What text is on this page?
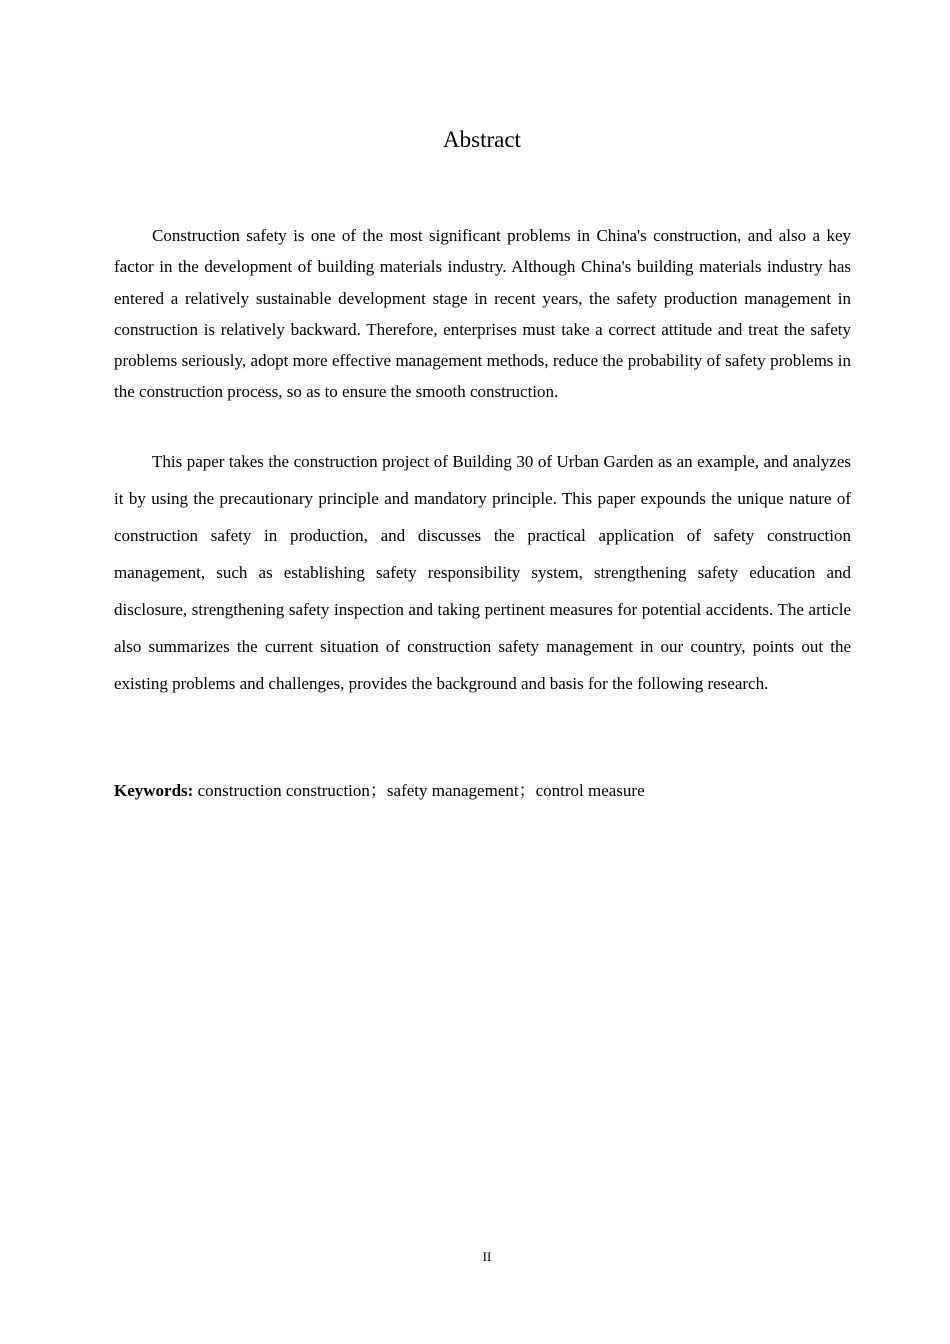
Abstract

Construction safety is one of the most significant problems in China's construction, and also a key factor in the development of building materials industry. Although China's building materials industry has entered a relatively sustainable development stage in recent years, the safety production management in construction is relatively backward. Therefore, enterprises must take a correct attitude and treat the safety problems seriously, adopt more effective management methods, reduce the probability of safety problems in the construction process, so as to ensure the smooth construction.

This paper takes the construction project of Building 30 of Urban Garden as an example, and analyzes it by using the precautionary principle and mandatory principle. This paper expounds the unique nature of construction safety in production, and discusses the practical application of safety construction management, such as establishing safety responsibility system, strengthening safety education and disclosure, strengthening safety inspection and taking pertinent measures for potential accidents. The article also summarizes the current situation of construction safety management in our country, points out the existing problems and challenges, provides the background and basis for the following research.

Keywords: construction construction；safety management；control measure
II
